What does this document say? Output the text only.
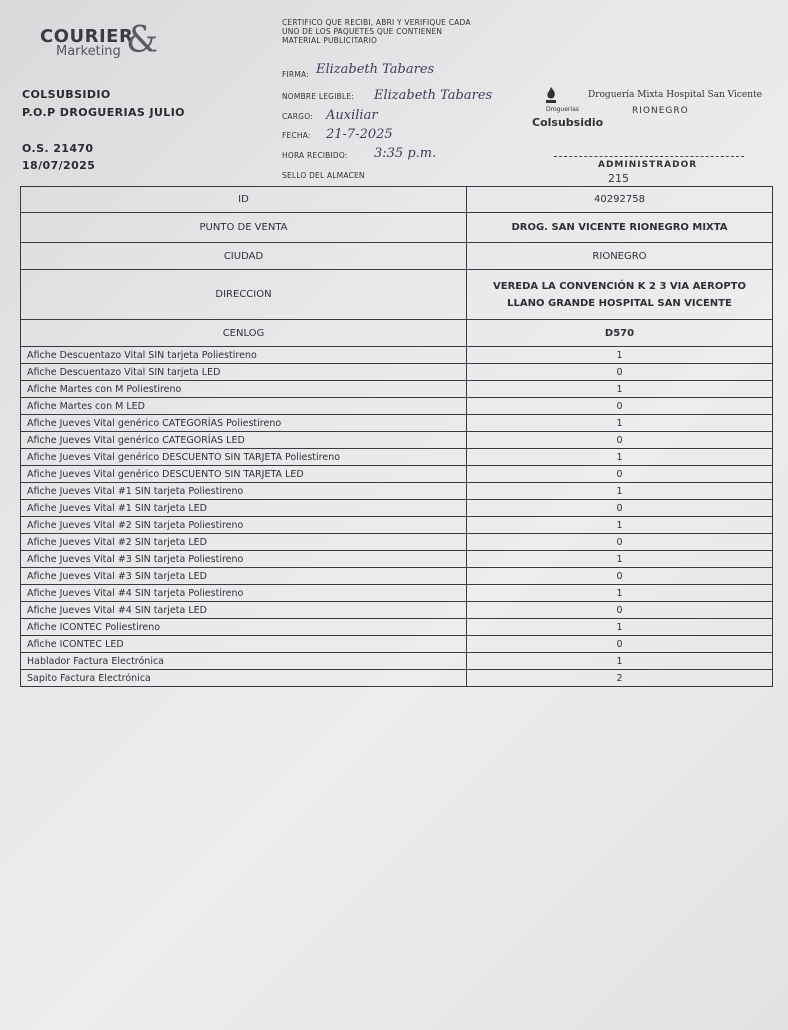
COURIER
Marketing &
COLSUBSIDIO
P.O.P DROGUERIAS JULIO
O.S. 21470
18/07/2025
CERTIFICO QUE RECIBI, ABRI Y VERIFIQUE CADA UNO DE LOS PAQUETES QUE CONTIENEN MATERIAL PUBLICITARIO
FIRMA: Elizabeth Tabares
NOMBRE LEGIBLE: Elizabeth Tabares
CARGO: Auxiliar
FECHA: 21-7-2025
HORA RECIBIDO: 3:35 p.m.
SELLO DEL ALMACEN
Droguería Mixta Hospital San Vicente
RIONEGRO
Droguerías
Colsubsidio
ADMINISTRADOR
215
ID	40292758
PUNTO DE VENTA	DROG. SAN VICENTE RIONEGRO MIXTA
CIUDAD	RIONEGRO
DIRECCION	VEREDA LA CONVENCIÓN K 2 3 VIA AEROPTO LLANO GRANDE HOSPITAL SAN VICENTE
CENLOG	D570
Afiche Descuentazo Vital SIN tarjeta Poliestireno	1
Afiche Descuentazo Vital SIN tarjeta LED	0
Afiche Martes con M Poliestireno	1
Afiche Martes con M LED	0
Afiche Jueves Vital genérico CATEGORÍAS Poliestireno	1
Afiche Jueves Vital genérico CATEGORÍAS LED	0
Afiche Jueves Vital genérico DESCUENTO SIN TARJETA Poliestireno	1
Afiche Jueves Vital genérico DESCUENTO SIN TARJETA LED	0
Afiche Jueves Vital #1 SIN tarjeta Poliestireno	1
Afiche Jueves Vital #1 SIN tarjeta LED	0
Afiche Jueves Vital #2 SIN tarjeta Poliestireno	1
Afiche Jueves Vital #2 SIN tarjeta LED	0
Afiche Jueves Vital #3 SIN tarjeta Poliestireno	1
Afiche Jueves Vital #3 SIN tarjeta LED	0
Afiche Jueves Vital #4 SIN tarjeta Poliestireno	1
Afiche Jueves Vital #4 SIN tarjeta LED	0
Afiche ICONTEC Poliestireno	1
Afiche ICONTEC LED	0
Hablador Factura Electrónica	1
Sapito Factura Electrónica	2
